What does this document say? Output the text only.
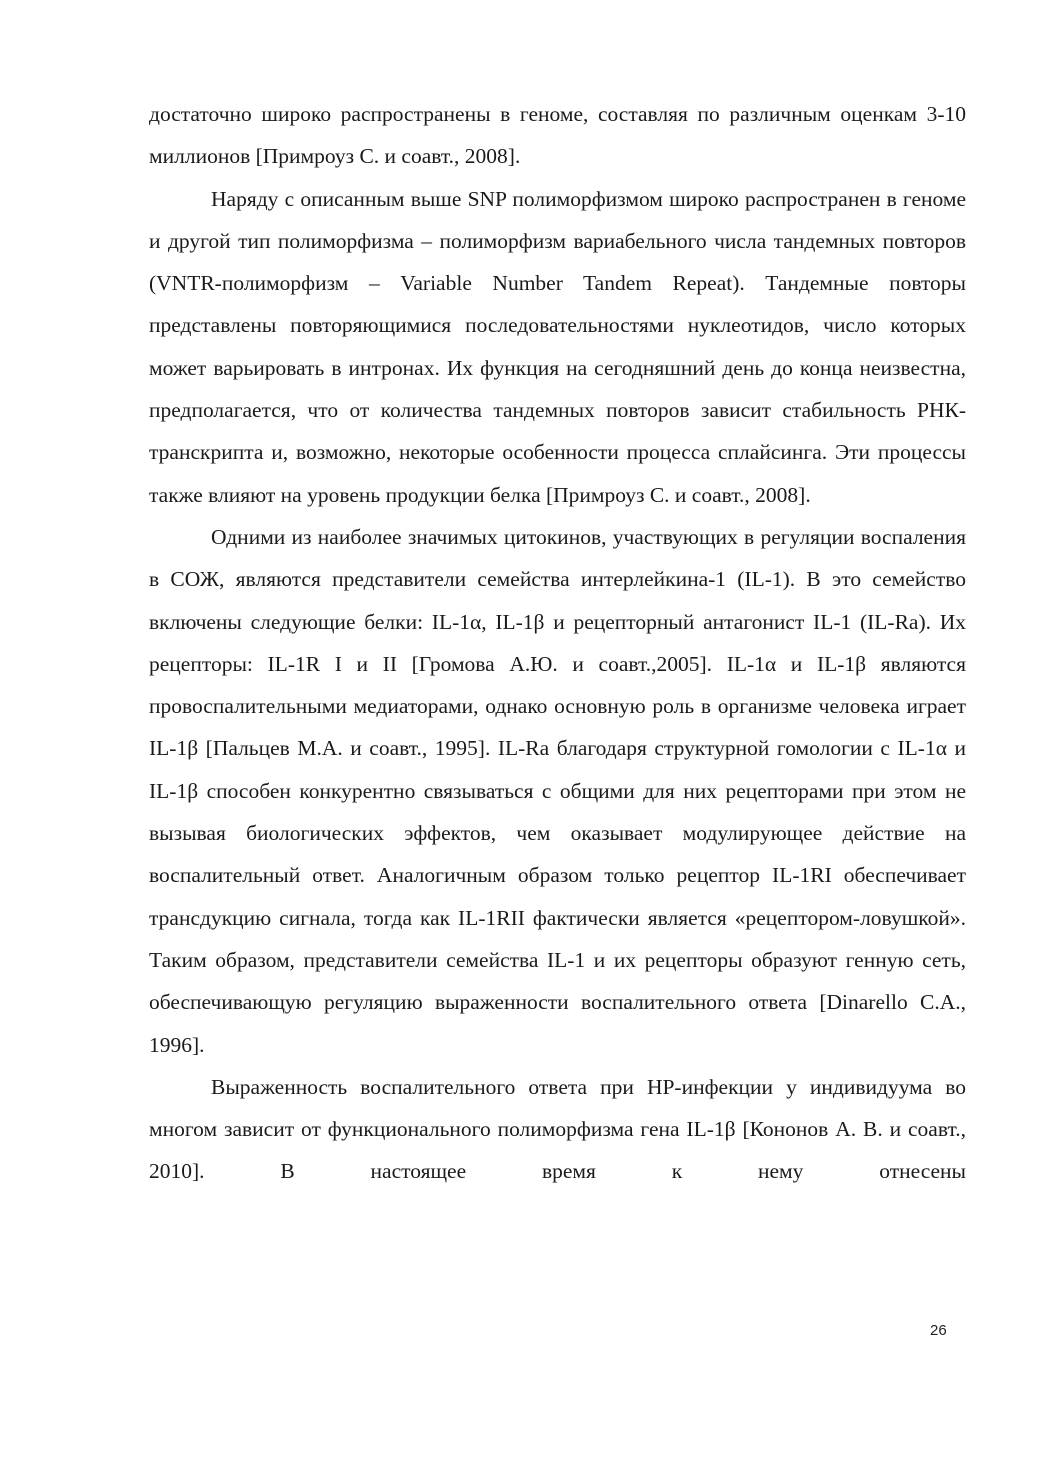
достаточно широко распространены в геноме, составляя по различным оценкам 3-10 миллионов [Примроуз С. и соавт., 2008].

Наряду с описанным выше SNP полиморфизмом широко распространен в геноме и другой тип полиморфизма – полиморфизм вариабельного числа тандемных повторов (VNTR-полиморфизм – Variable Number Tandem Repeat). Тандемные повторы представлены повторяющимися последовательностями нуклеотидов, число которых может варьировать в интронах. Их функция на сегодняшний день до конца неизвестна, предполагается, что от количества тандемных повторов зависит стабильность РНК-транскрипта и, возможно, некоторые особенности процесса сплайсинга. Эти процессы также влияют на уровень продукции белка [Примроуз С. и соавт., 2008].

Одними из наиболее значимых цитокинов, участвующих в регуляции воспаления в СОЖ, являются представители семейства интерлейкина-1 (IL-1). В это семейство включены следующие белки: IL-1α, IL-1β и рецепторный антагонист IL-1 (IL-Ra). Их рецепторы: IL-1R I и II [Громова А.Ю. и соавт.,2005]. IL-1α и IL-1β являются провоспалительными медиаторами, однако основную роль в организме человека играет IL-1β [Пальцев М.А. и соавт., 1995]. IL-Ra благодаря структурной гомологии с IL-1α и IL-1β способен конкурентно связываться с общими для них рецепторами при этом не вызывая биологических эффектов, чем оказывает модулирующее действие на воспалительный ответ. Аналогичным образом только рецептор IL-1RI обеспечивает трансдукцию сигнала, тогда как IL-1RII фактически является «рецептором-ловушкой». Таким образом, представители семейства IL-1 и их рецепторы образуют генную сеть, обеспечивающую регуляцию выраженности воспалительного ответа [Dinarello C.A., 1996].

Выраженность воспалительного ответа при HP-инфекции у индивидуума во многом зависит от функционального полиморфизма гена IL-1β [Кононов А. В. и соавт., 2010]. В настоящее время к нему отнесены

26
